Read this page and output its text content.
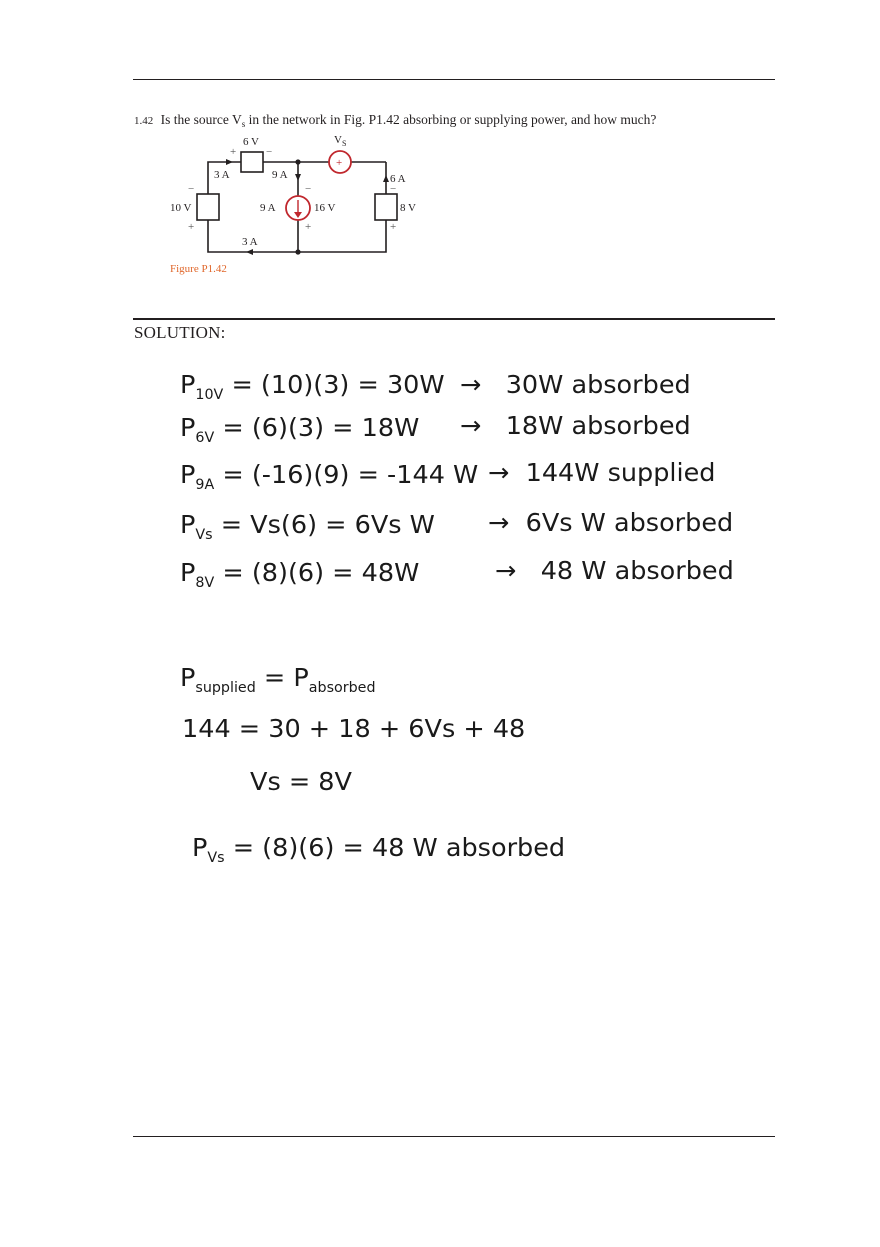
1.42 Is the source $V_s$ in the network in Fig. P1.42 absorbing or supplying power, and how much?
+
6 V
+	−
$V_S$
3 A	9 A	6 A
−
10 V
+
9 A
−
16 V
+
−
8 V
+
3 A
Figure P1.42
SOLUTION:
$P_{10V} = (10)(3) = 30W \to 30W$ absorbed
$P_{6V} = (6)(3) = 18W \to 18W$ absorbed
$P_{9A} = (-16)(9) = -144$ W → 144W supplied
$P_{Vs} = Vs(6) = 6Vs$ W → 6Vs W absorbed
$P_{8V} = (8)(6) = 48W$	→ 48 W absorbed
$P_{supplied} = P_{absorbed}$
144 = 30 + 18 + 6Vs + 48
Vs = 8V
$P_{Vs} = (8)(6) = 48$ W absorbed
